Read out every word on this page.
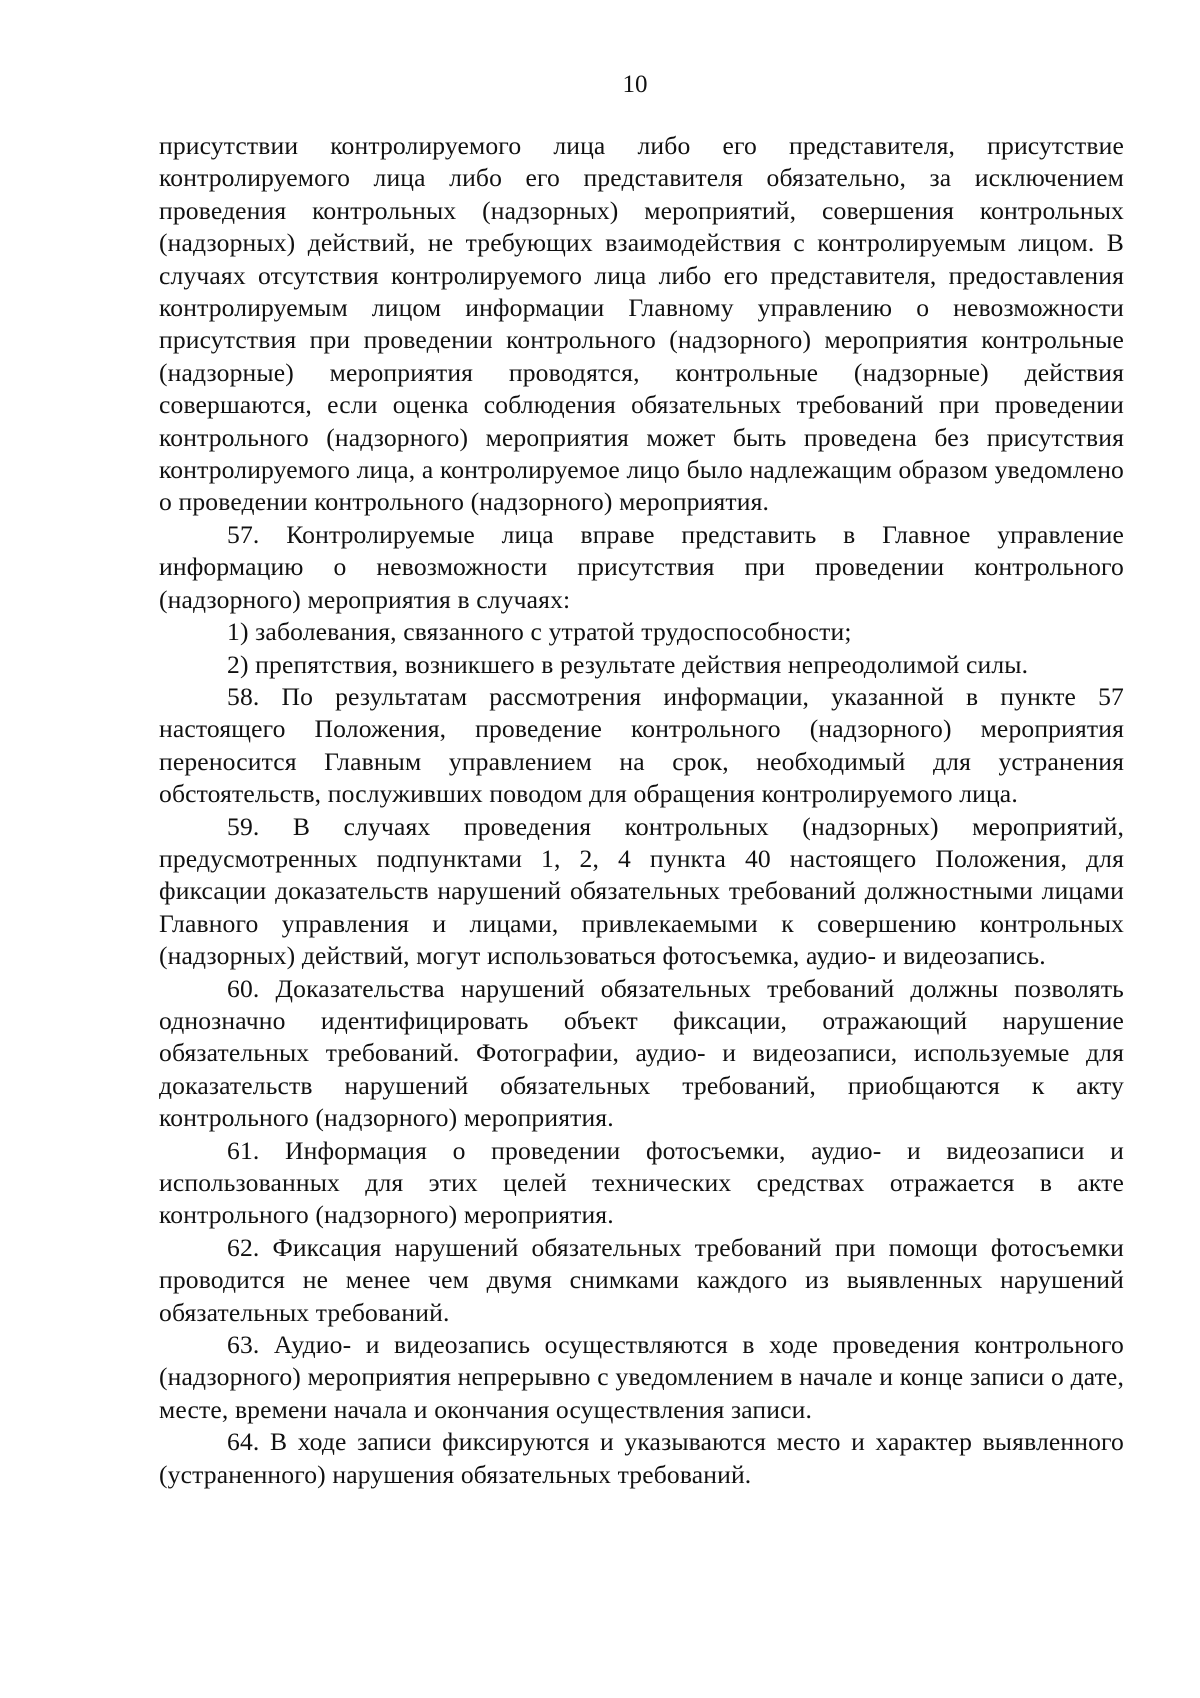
10

присутствии контролируемого лица либо его представителя, присутствие контролируемого лица либо его представителя обязательно, за исключением проведения контрольных (надзорных) мероприятий, совершения контрольных (надзорных) действий, не требующих взаимодействия с контролируемым лицом. В случаях отсутствия контролируемого лица либо его представителя, предоставления контролируемым лицом информации Главному управлению о невозможности присутствия при проведении контрольного (надзорного) мероприятия контрольные (надзорные) мероприятия проводятся, контрольные (надзорные) действия совершаются, если оценка соблюдения обязательных требований при проведении контрольного (надзорного) мероприятия может быть проведена без присутствия контролируемого лица, а контролируемое лицо было надлежащим образом уведомлено о проведении контрольного (надзорного) мероприятия.

57. Контролируемые лица вправе представить в Главное управление информацию о невозможности присутствия при проведении контрольного (надзорного) мероприятия в случаях:

1) заболевания, связанного с утратой трудоспособности;

2) препятствия, возникшего в результате действия непреодолимой силы.

58. По результатам рассмотрения информации, указанной в пункте 57 настоящего Положения, проведение контрольного (надзорного) мероприятия переносится Главным управлением на срок, необходимый для устранения обстоятельств, послуживших поводом для обращения контролируемого лица.

59. В случаях проведения контрольных (надзорных) мероприятий, предусмотренных подпунктами 1, 2, 4 пункта 40 настоящего Положения, для фиксации доказательств нарушений обязательных требований должностными лицами Главного управления и лицами, привлекаемыми к совершению контрольных (надзорных) действий, могут использоваться фотосъемка, аудио- и видеозапись.

60. Доказательства нарушений обязательных требований должны позволять однозначно идентифицировать объект фиксации, отражающий нарушение обязательных требований. Фотографии, аудио- и видеозаписи, используемые для доказательств нарушений обязательных требований, приобщаются к акту контрольного (надзорного) мероприятия.

61. Информация о проведении фотосъемки, аудио- и видеозаписи и использованных для этих целей технических средствах отражается в акте контрольного (надзорного) мероприятия.

62. Фиксация нарушений обязательных требований при помощи фотосъемки проводится не менее чем двумя снимками каждого из выявленных нарушений обязательных требований.

63. Аудио- и видеозапись осуществляются в ходе проведения контрольного (надзорного) мероприятия непрерывно с уведомлением в начале и конце записи о дате, месте, времени начала и окончания осуществления записи.

64. В ходе записи фиксируются и указываются место и характер выявленного (устраненного) нарушения обязательных требований.
